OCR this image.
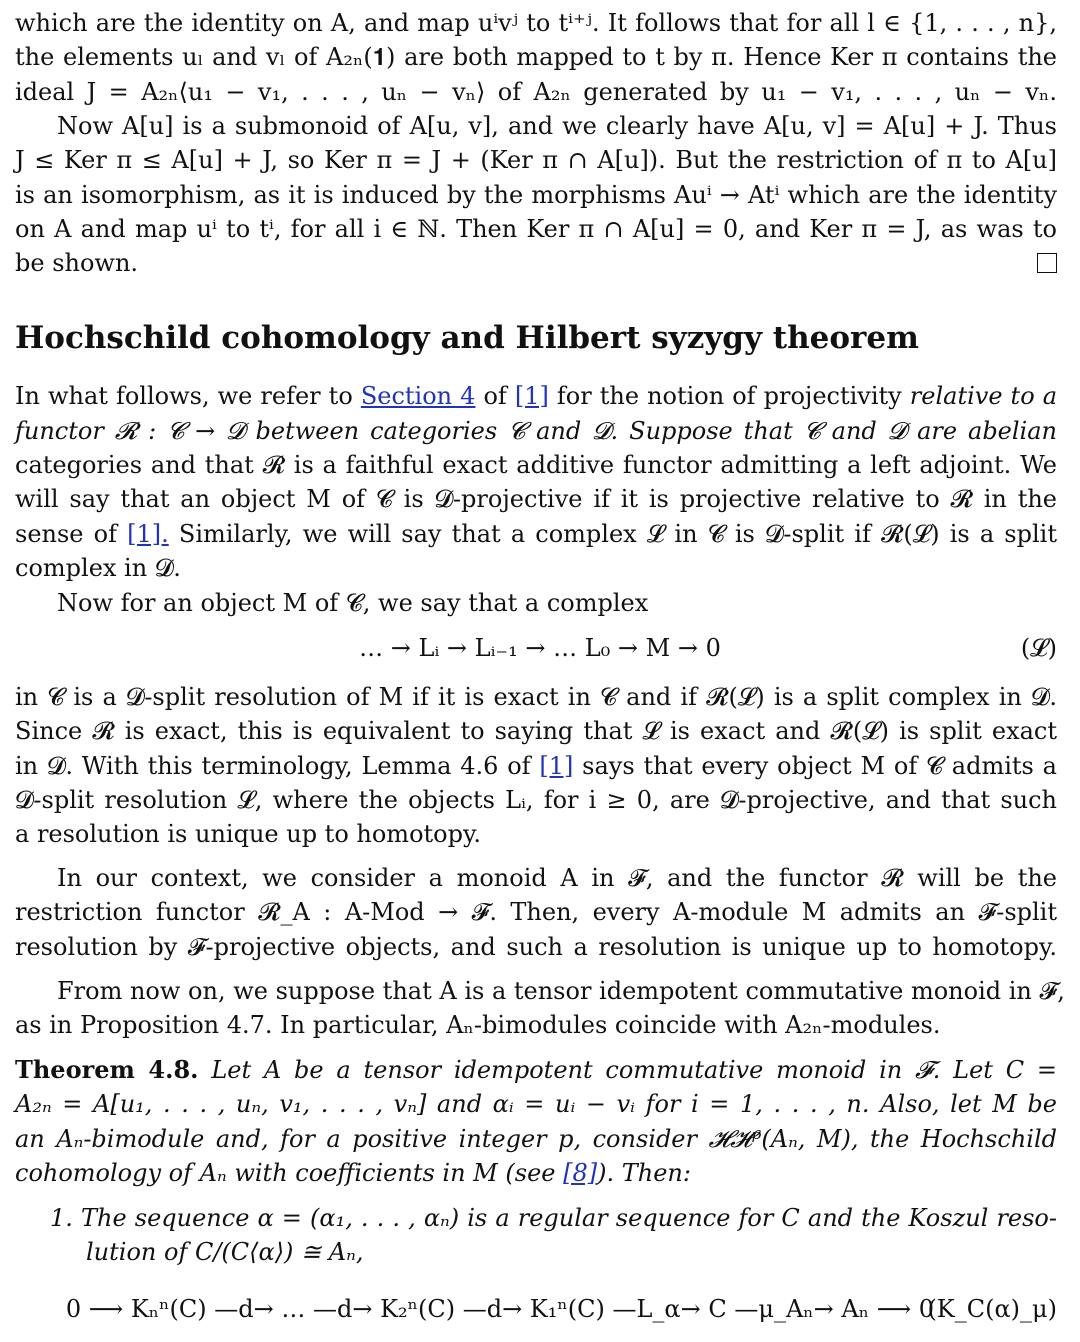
which are the identity on A, and map uⁱvʲ to tⁱ⁺ʲ. It follows that for all l ∈ {1, . . . , n},
the elements uₗ and vₗ of A₂ₙ(𝟏) are both mapped to t by π. Hence Ker π contains the
ideal J = A₂ₙ⟨u₁ − v₁, . . . , uₙ − vₙ⟩ of A₂ₙ generated by u₁ − v₁, . . . , uₙ − vₙ.
Now A[u] is a submonoid of A[u, v], and we clearly have A[u, v] = A[u] + J. Thus
J ≤ Ker π ≤ A[u] + J, so Ker π = J + (Ker π ∩ A[u]). But the restriction of π to A[u]
is an isomorphism, as it is induced by the morphisms Auⁱ → Atⁱ which are the identity
on A and map uⁱ to tⁱ, for all i ∈ ℕ. Then Ker π ∩ A[u] = 0, and Ker π = J, as was to
be shown.
Hochschild cohomology and Hilbert syzygy theorem
In what follows, we refer to Section 4 of [1] for the notion of projectivity relative to a
functor 𝓡 : 𝓒 → 𝓓 between categories 𝓒 and 𝓓. Suppose that 𝓒 and 𝓓 are abelian
categories and that 𝓡 is a faithful exact additive functor admitting a left adjoint. We
will say that an object M of 𝓒 is 𝓓-projective if it is projective relative to 𝓡 in the
sense of [1]. Similarly, we will say that a complex 𝓛 in 𝓒 is 𝓓-split if 𝓡(𝓛) is a split
complex in 𝓓.
Now for an object M of 𝓒, we say that a complex
… → Lᵢ → Lᵢ₋₁ → … L₀ → M → 0	(𝓛)
in 𝓒 is a 𝓓-split resolution of M if it is exact in 𝓒 and if 𝓡(𝓛) is a split complex in 𝓓.
Since 𝓡 is exact, this is equivalent to saying that 𝓛 is exact and 𝓡(𝓛) is split exact
in 𝓓. With this terminology, Lemma 4.6 of [1] says that every object M of 𝓒 admits a
𝓓-split resolution 𝓛, where the objects Lᵢ, for i ≥ 0, are 𝓓-projective, and that such
a resolution is unique up to homotopy.
In our context, we consider a monoid A in 𝓕, and the functor 𝓡 will be the
restriction functor 𝓡_A : A-Mod → 𝓕. Then, every A-module M admits an 𝓕-split
resolution by 𝓕-projective objects, and such a resolution is unique up to homotopy.
From now on, we suppose that A is a tensor idempotent commutative monoid in 𝓕,
as in Proposition 4.7. In particular, Aₙ-bimodules coincide with A₂ₙ-modules.
Theorem 4.8. Let A be a tensor idempotent commutative monoid in 𝓕. Let C =
A₂ₙ = A[u₁, . . . , uₙ, v₁, . . . , vₙ] and αᵢ = uᵢ − vᵢ for i = 1, . . . , n. Also, let M be
an Aₙ-bimodule and, for a positive integer p, consider 𝓗𝓗ᵖ(Aₙ, M), the Hochschild
cohomology of Aₙ with coefficients in M (see [8]). Then:
1. The sequence α = (α₁, . . . , αₙ) is a regular sequence for C and the Koszul reso-
lution of C/(C⟨α⟩) ≅ Aₙ,
0 ⟶ Kₙⁿ(C) —d→ … —d→ K₂ⁿ(C) —d→ K₁ⁿ(C) —L_α→ C —μ_Aₙ→ Aₙ ⟶ 0
(K_C(α)_μ)
